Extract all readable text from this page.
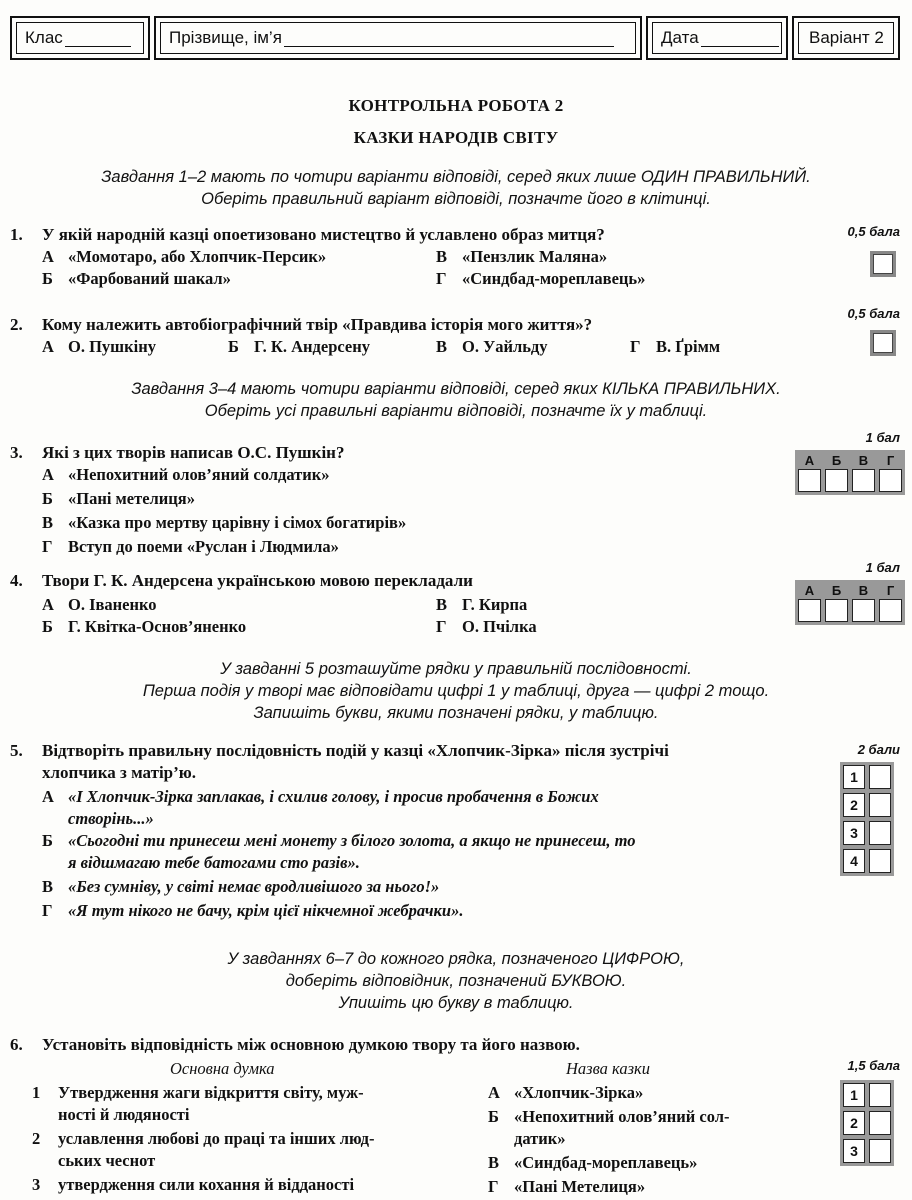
Клас	Прізвище, ім’я	Дата	Варіант 2
КОНТРОЛЬНА РОБОТА 2
КАЗКИ НАРОДІВ СВІТУ
Завдання 1–2 мають по чотири варіанти відповіді, серед яких лише ОДИН ПРАВИЛЬНИЙ.
Оберіть правильний варіант відповіді, позначте його в клітинці.
1. У якій народній казці опоетизовано мистецтво й уславлено образ митця?	0,5 бала
А «Момотаро, або Хлопчик-Персик»	В «Пензлик Маляна»
Б «Фарбований шакал»	Г «Синдбад-мореплавець»
0,5 бала
2. Кому належить автобіографічний твір «Правдива історія мого життя»?
А О. Пушкіну	Б Г. К. Андерсену	В О. Уайльду	Г В. Ґрімм
Завдання 3–4 мають чотири варіанти відповіді, серед яких КІЛЬКА ПРАВИЛЬНИХ.
Оберіть усі правильні варіанти відповіді, позначте їх у таблиці.
1 бал
3. Які з цих творів написав О.С. Пушкін?
А «Непохитний олов’яний солдатик»
Б «Пані метелиця»
В «Казка про мертву царівну і сімох богатирів»
Г Вступ до поеми «Руслан і Людмила»
А	Б	В	Г
1 бал
4. Твори Г. К. Андерсена українською мовою перекладали
А О. Іваненко	В Г. Кирпа
Б Г. Квітка-Основ’яненко	Г О. Пчілка
А	Б	В	Г
У завданні 5 розташуйте рядки у правильній послідовності.
Перша подія у творі має відповідати цифрі 1 у таблиці, друга — цифрі 2 тощо.
Запишіть букви, якими позначені рядки, у таблицю.
2 бали
5. Відтворіть правильну послідовність подій у казці «Хлопчик-Зірка» після зустрічі
хлопчика з матір’ю.
А «І Хлопчик-Зірка заплакав, і схилив голову, і просив пробачення в Божих
створінь...»
Б «Сьогодні ти принесеш мені монету з білого золота, а якщо не принесеш, то
я відшмагаю тебе батогами сто разів».
В «Без сумніву, у світі немає вродливішого за нього!»
Г «Я тут нікого не бачу, крім цієї нікчемної жебрачки».
1
2
3
4
У завданнях 6–7 до кожного рядка, позначеного ЦИФРОЮ,
доберіть відповідник, позначений БУКВОЮ.
Упишіть цю букву в таблицю.
6. Установіть відповідність між основною думкою твору та його назвою.
Основна думка	Назва казки	1,5 бала
1 Утвердження жаги відкриття світу, муж-
ності й людяності
2 уславлення любові до праці та інших люд-
ських чеснот
3 утвердження сили кохання й відданості
А «Хлопчик-Зірка»
Б «Непохитний олов’яний сол-
датик»
В «Синдбад-мореплавець»
Г «Пані Метелиця»
1
2
3
